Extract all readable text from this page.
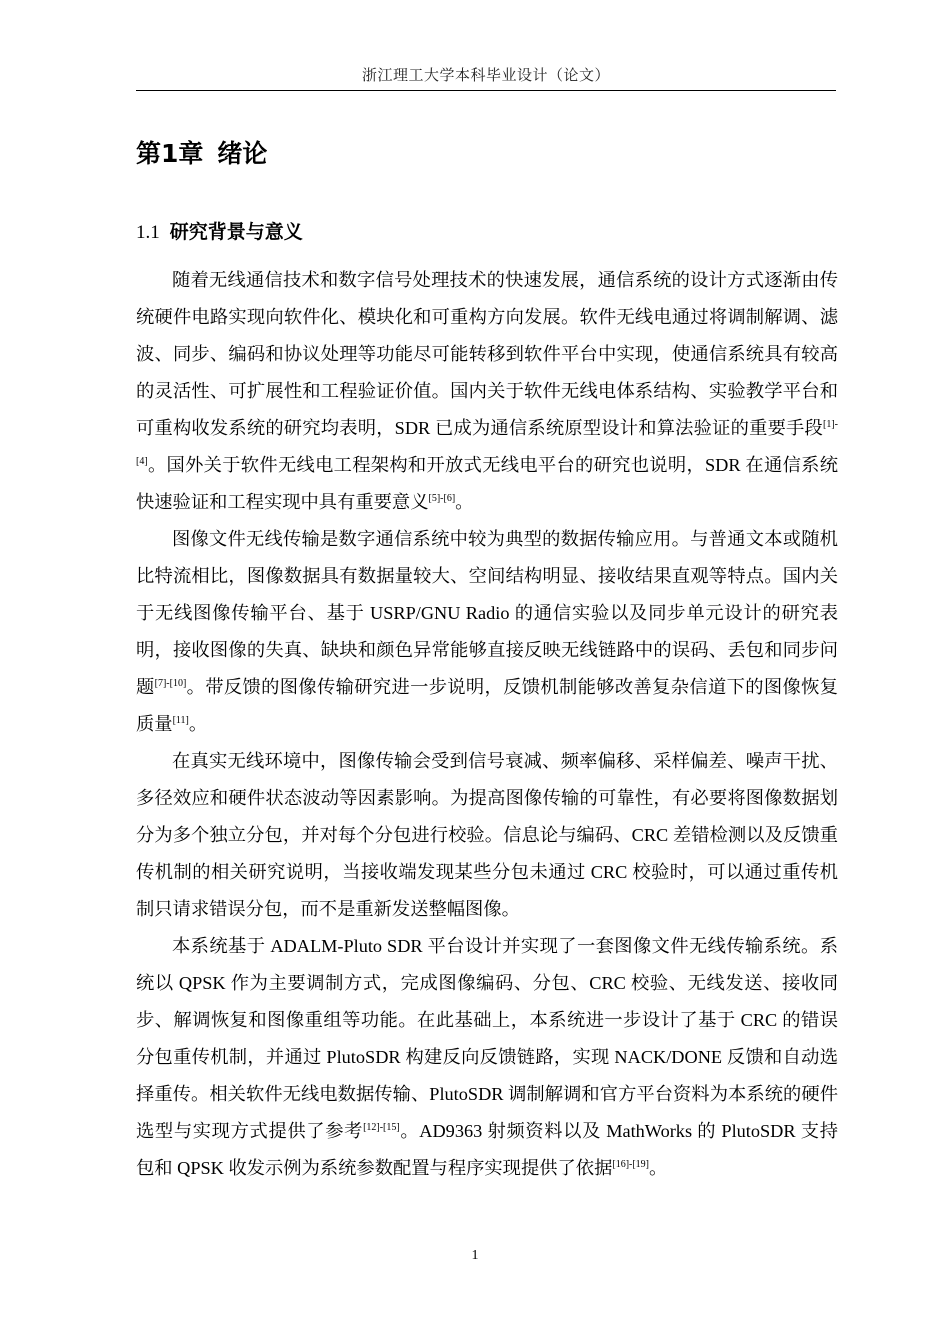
浙江理工大学本科毕业设计（论文）
第1章 绪论
1.1 研究背景与意义

随着无线通信技术和数字信号处理技术的快速发展，通信系统的设计方式逐渐由传统硬件电路实现向软件化、模块化和可重构方向发展。软件无线电通过将调制解调、滤波、同步、编码和协议处理等功能尽可能转移到软件平台中实现，使通信系统具有较高的灵活性、可扩展性和工程验证价值。国内关于软件无线电体系结构、实验教学平台和可重构收发系统的研究均表明，SDR 已成为通信系统原型设计和算法验证的重要手段[1]-[4]。国外关于软件无线电工程架构和开放式无线电平台的研究也说明，SDR 在通信系统快速验证和工程实现中具有重要意义[5]-[6]。

图像文件无线传输是数字通信系统中较为典型的数据传输应用。与普通文本或随机比特流相比，图像数据具有数据量较大、空间结构明显、接收结果直观等特点。国内关于无线图像传输平台、基于 USRP/GNU Radio 的通信实验以及同步单元设计的研究表明，接收图像的失真、缺块和颜色异常能够直接反映无线链路中的误码、丢包和同步问题[7]-[10]。带反馈的图像传输研究进一步说明，反馈机制能够改善复杂信道下的图像恢复质量[11]。

在真实无线环境中，图像传输会受到信号衰减、频率偏移、采样偏差、噪声干扰、多径效应和硬件状态波动等因素影响。为提高图像传输的可靠性，有必要将图像数据划分为多个独立分包，并对每个分包进行校验。信息论与编码、CRC 差错检测以及反馈重传机制的相关研究说明，当接收端发现某些分包未通过 CRC 校验时，可以通过重传机制只请求错误分包，而不是重新发送整幅图像。

本系统基于 ADALM-Pluto SDR 平台设计并实现了一套图像文件无线传输系统。系统以 QPSK 作为主要调制方式，完成图像编码、分包、CRC 校验、无线发送、接收同步、解调恢复和图像重组等功能。在此基础上，本系统进一步设计了基于 CRC 的错误分包重传机制，并通过 PlutoSDR 构建反向反馈链路，实现 NACK/DONE 反馈和自动选择重传。相关软件无线电数据传输、PlutoSDR 调制解调和官方平台资料为本系统的硬件选型与实现方式提供了参考[12]-[15]。AD9363 射频资料以及 MathWorks 的 PlutoSDR 支持包和 QPSK 收发示例为系统参数配置与程序实现提供了依据[16]-[19]。

1
